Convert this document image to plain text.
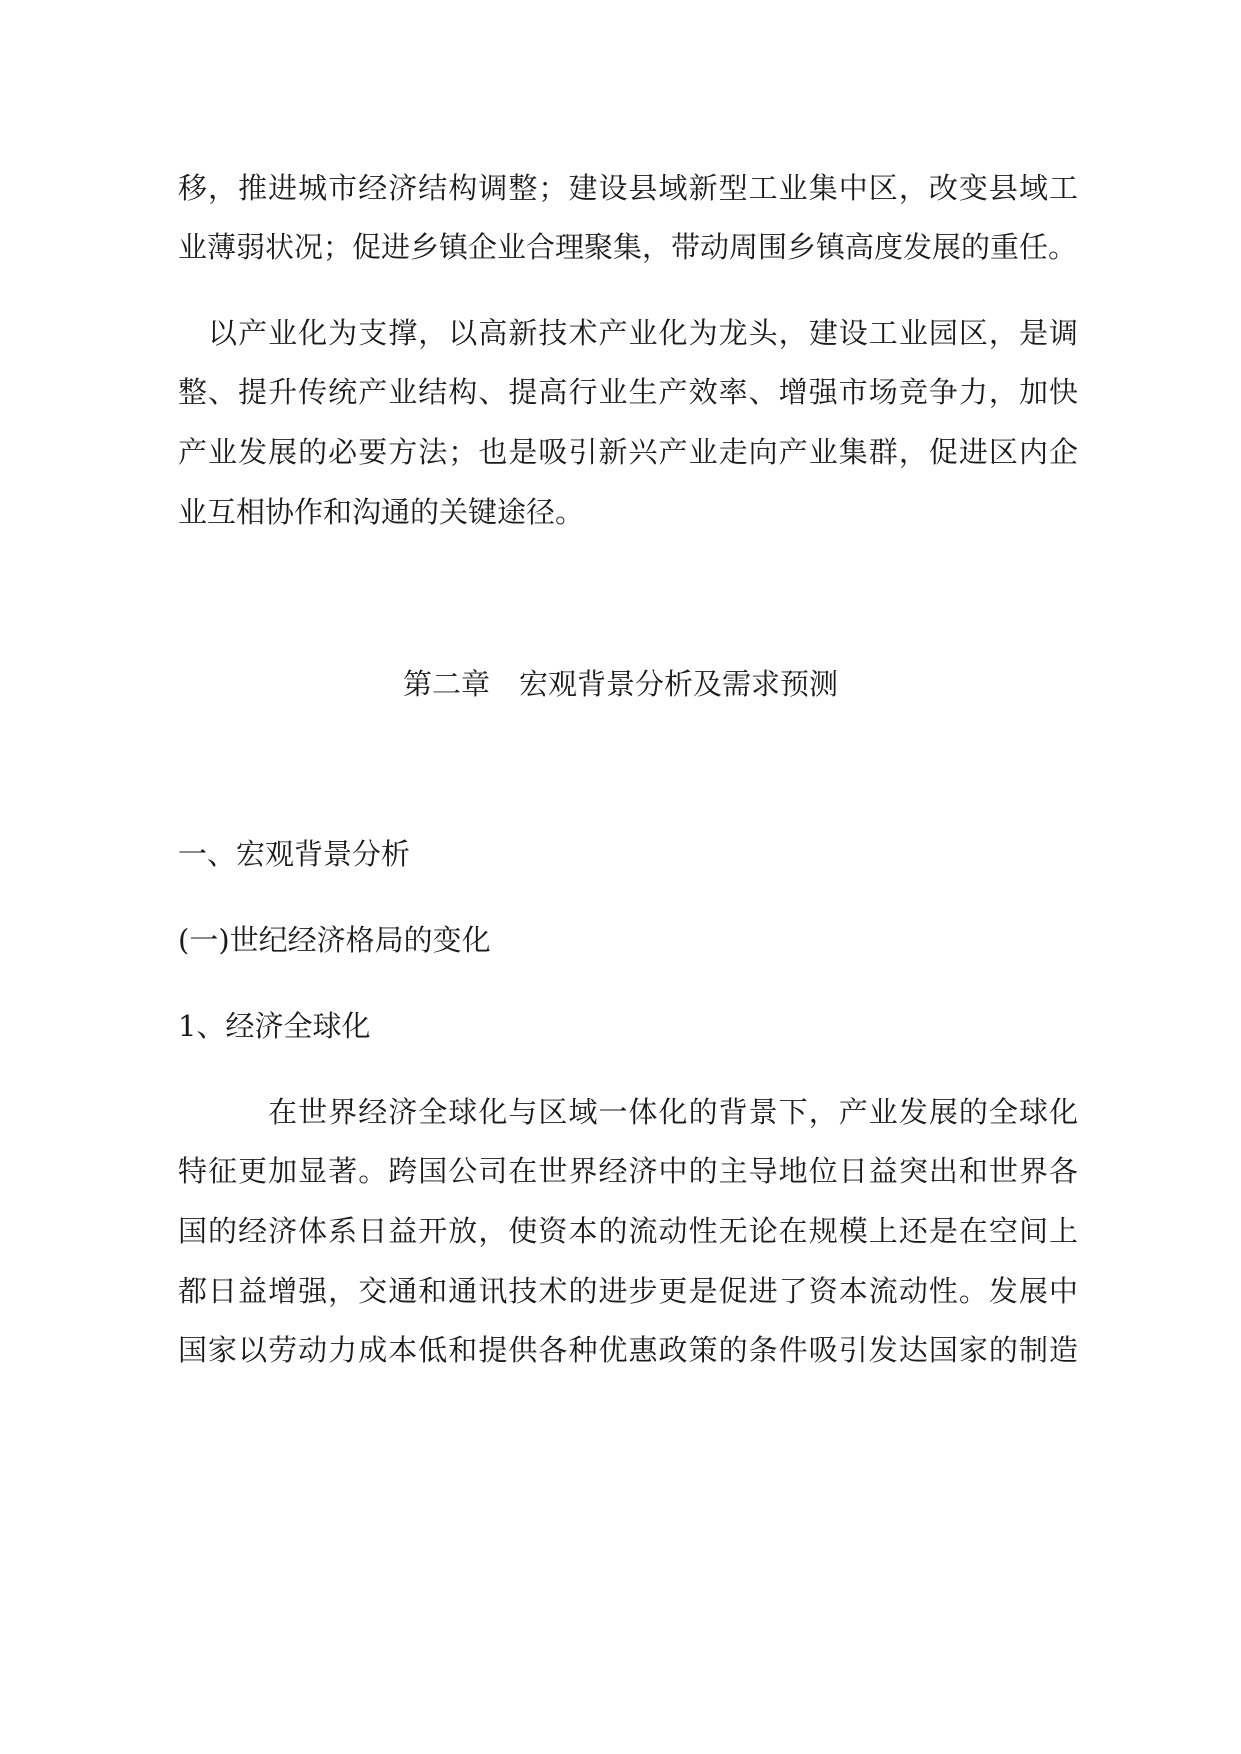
移，推进城市经济结构调整；建设县域新型工业集中区，改变县域工
业薄弱状况；促进乡镇企业合理聚集，带动周围乡镇高度发展的重任。
　以产业化为支撑，以高新技术产业化为龙头，建设工业园区，是调
整、提升传统产业结构、提高行业生产效率、增强市场竞争力，加快
产业发展的必要方法；也是吸引新兴产业走向产业集群，促进区内企
业互相协作和沟通的关键途径。
第二章　宏观背景分析及需求预测
一、宏观背景分析
(一)世纪经济格局的变化
1、经济全球化
　　　在世界经济全球化与区域一体化的背景下，产业发展的全球化
特征更加显著。跨国公司在世界经济中的主导地位日益突出和世界各
国的经济体系日益开放，使资本的流动性无论在规模上还是在空间上
都日益增强，交通和通讯技术的进步更是促进了资本流动性。发展中
国家以劳动力成本低和提供各种优惠政策的条件吸引发达国家的制造
